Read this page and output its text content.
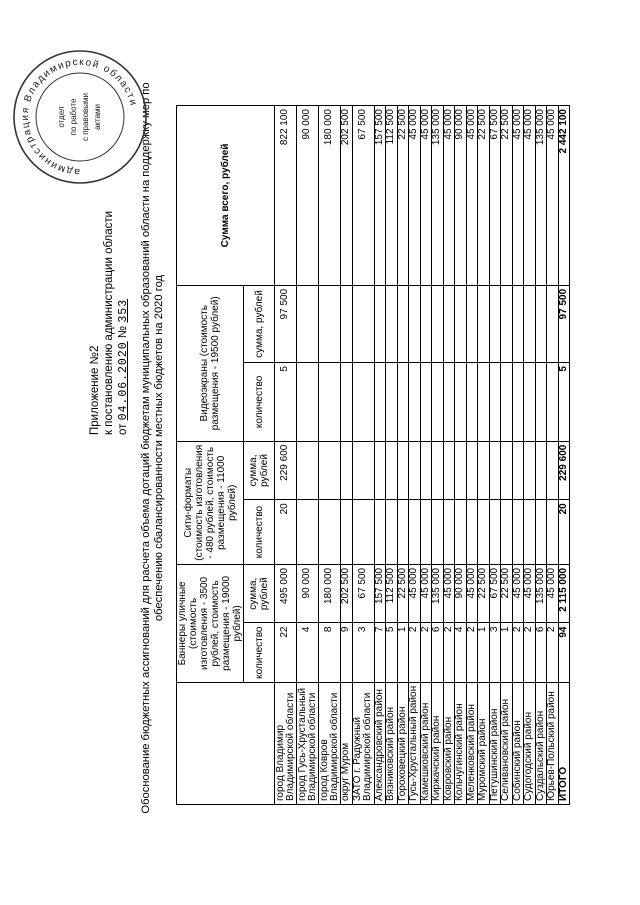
Приложение №2 к постановлению администрации области от 04.06.2020 № 353 Обоснование бюджетных ассигнований для расчета объема дотаций бюджетам муниципальных образований области на поддержку мер по обеспечению сбалансированности местных бюджетов на 2020 год
	Баннеры уличные (стоимость изготовления - 3500 рублей, стоимость размещения - 19000 рублей)		Сити-форматы (стоимость изготовления - 480 рублей, стоимость размещения - 11000 рублей)		Видеоэкраны (стоимость размещения - 19500 рублей)		Сумма всего, рублей
	количество	сумма, рублей	количество	сумма, рублей	количество	сумма, рублей	
город Владимир Владимирской области	22	495 000	20	229 600	5	97 500	822 100
город Гусь-Хрустальный Владимирской области	4	90 000					90 000
город Ковров Владимирской области	8	180 000					180 000
округ Муром	9	202 500					202 500
ЗАТО г. Радужный Владимирской области	3	67 500					67 500
Александровский район	7	157 500					157 500
Вязниковский район	5	112 500					112 500
Гороховецкий район	1	22 500					22 500
Гусь-Хрустальный район	2	45 000					45 000
Камешковский район	2	45 000					45 000
Киржачский район	6	135 000					135 000
Ковровский район	2	45 000					45 000
Кольчугинский район	4	90 000					90 000
Меленковский район	2	45 000					45 000
Муромский район	1	22 500					22 500
Петушинский район	3	67 500					67 500
Селивановский район	1	22 500					22 500
Собинский район	2	45 000					45 000
Судогодский район	2	45 000					45 000
Суздальский район	6	135 000					135 000
Юрьев-Польский район	2	45 000					45 000
ИТОГО	94	2 115 000	20	229 600	5	97 500	2 442 100
администрация Владимирской области
отдел по работе с правовыми актами
